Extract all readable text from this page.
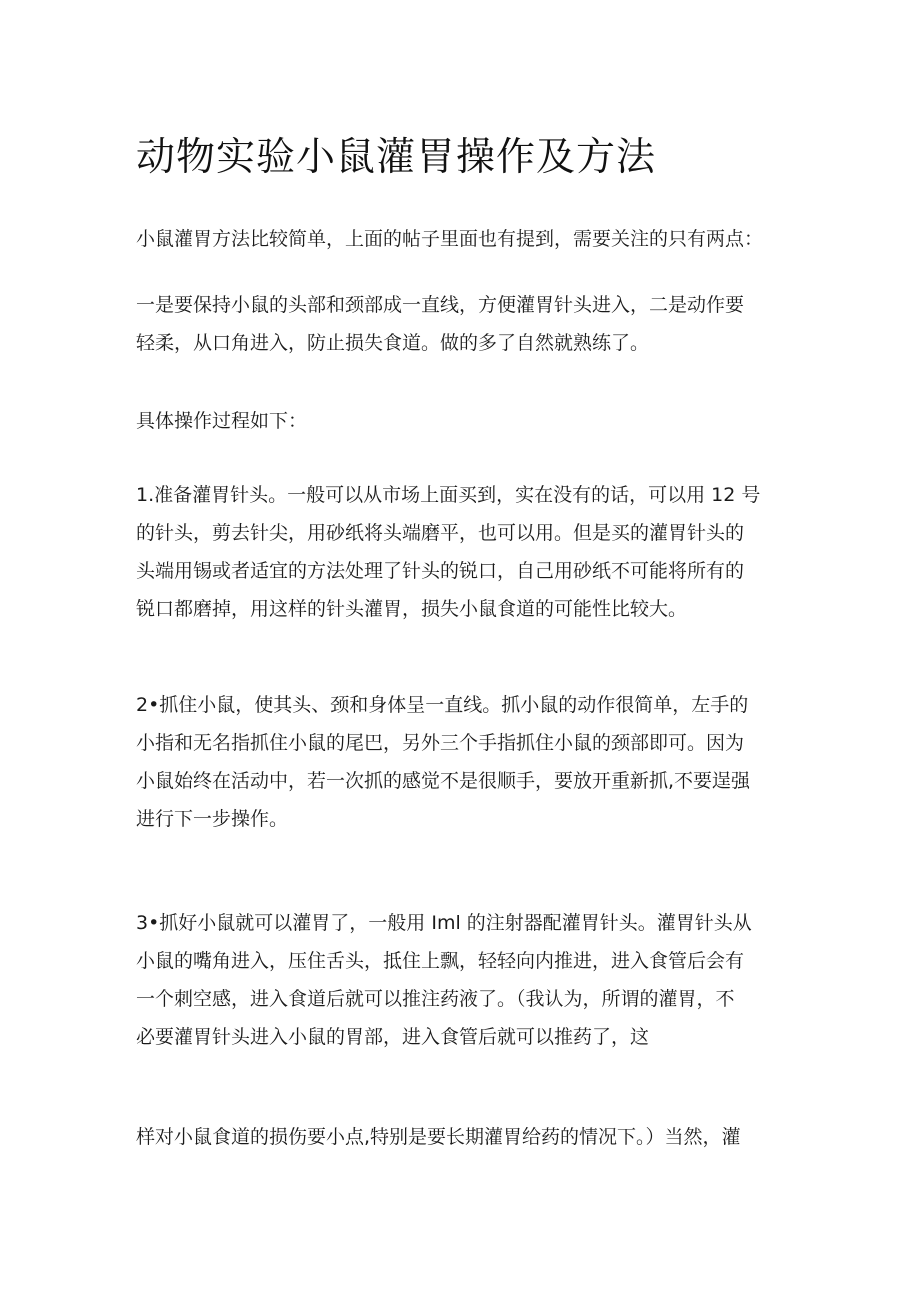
动物实验小鼠灌胃操作及方法

小鼠灌胃方法比较简单，上面的帖子里面也有提到，需要关注的只有两点：

一是要保持小鼠的头部和颈部成一直线，方便灌胃针头进入，二是动作要
轻柔，从口角进入，防止损失食道。做的多了自然就熟练了。

具体操作过程如下：

1.准备灌胃针头。一般可以从市场上面买到，实在没有的话，可以用 12 号
的针头，剪去针尖，用砂纸将头端磨平，也可以用。但是买的灌胃针头的
头端用锡或者适宜的方法处理了针头的锐口，自己用砂纸不可能将所有的
锐口都磨掉，用这样的针头灌胃，损失小鼠食道的可能性比较大。

2•抓住小鼠，使其头、颈和身体呈一直线。抓小鼠的动作很简单，左手的
小指和无名指抓住小鼠的尾巴，另外三个手指抓住小鼠的颈部即可。因为
小鼠始终在活动中，若一次抓的感觉不是很顺手，要放开重新抓,不要逞强
进行下一步操作。

3•抓好小鼠就可以灌胃了，一般用 Iml 的注射器配灌胃针头。灌胃针头从
小鼠的嘴角进入，压住舌头，抵住上飘，轻轻向内推进，进入食管后会有
一个刺空感，进入食道后就可以推注药液了。（我认为，所谓的灌胃，不
必要灌胃针头进入小鼠的胃部，进入食管后就可以推药了，这

样对小鼠食道的损伤要小点,特别是要长期灌胃给药的情况下。）当然，灌
